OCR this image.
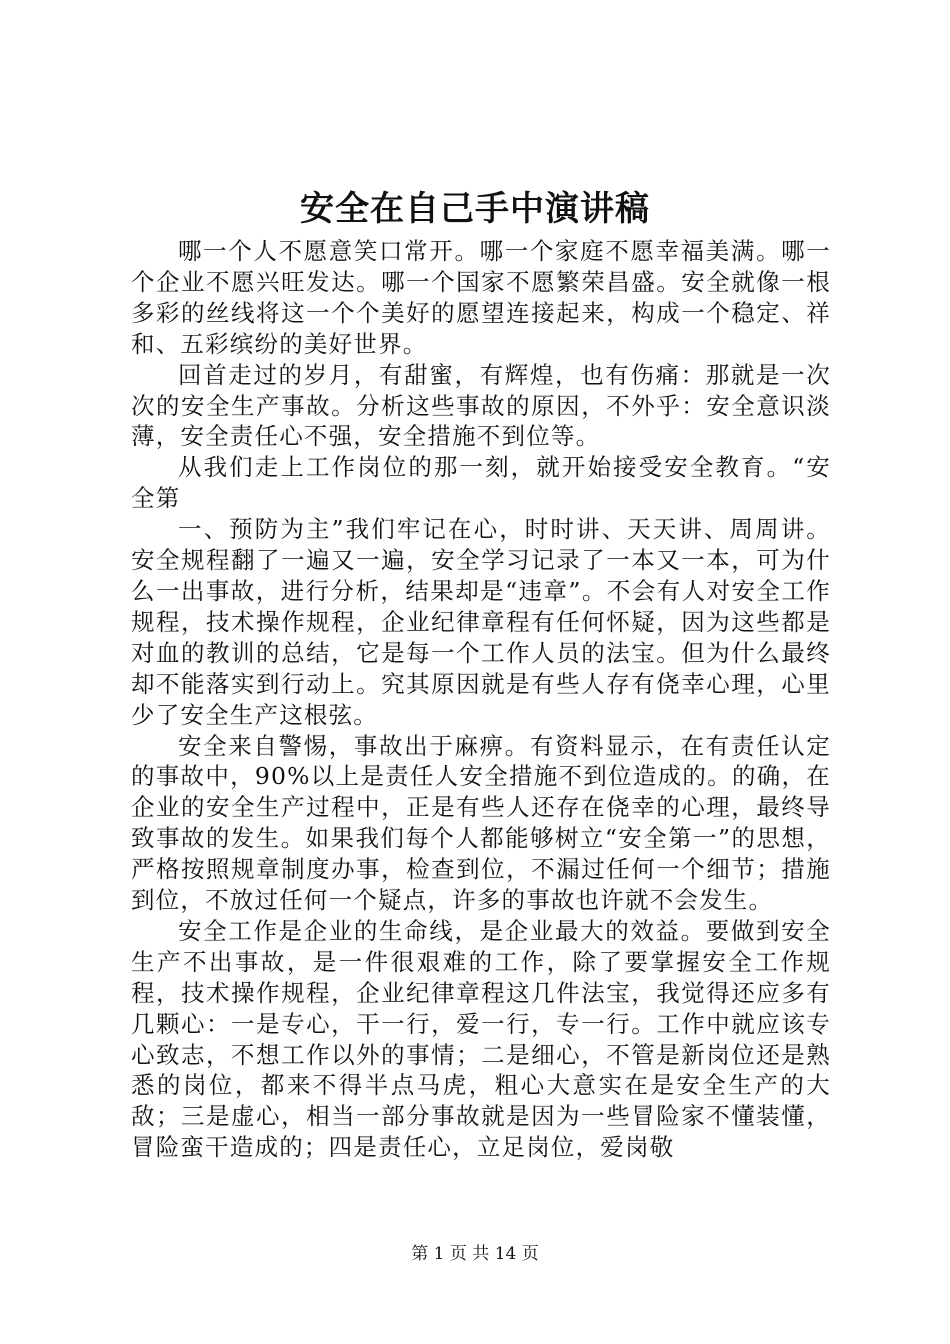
安全在自己手中演讲稿

哪一个人不愿意笑口常开。哪一个家庭不愿幸福美满。哪一个企业不愿兴旺发达。哪一个国家不愿繁荣昌盛。安全就像一根多彩的丝线将这一个个美好的愿望连接起来，构成一个稳定、祥和、五彩缤纷的美好世界。

回首走过的岁月，有甜蜜，有辉煌，也有伤痛：那就是一次次的安全生产事故。分析这些事故的原因，不外乎：安全意识淡薄，安全责任心不强，安全措施不到位等。

从我们走上工作岗位的那一刻，就开始接受安全教育。“安全第

一、预防为主”我们牢记在心，时时讲、天天讲、周周讲。安全规程翻了一遍又一遍，安全学习记录了一本又一本，可为什么一出事故，进行分析，结果却是“违章”。不会有人对安全工作规程，技术操作规程，企业纪律章程有任何怀疑，因为这些都是对血的教训的总结，它是每一个工作人员的法宝。但为什么最终却不能落实到行动上。究其原因就是有些人存有侥幸心理，心里少了安全生产这根弦。

安全来自警惕，事故出于麻痹。有资料显示，在有责任认定的事故中，90%以上是责任人安全措施不到位造成的。的确，在企业的安全生产过程中，正是有些人还存在侥幸的心理，最终导致事故的发生。如果我们每个人都能够树立“安全第一”的思想，严格按照规章制度办事，检查到位，不漏过任何一个细节；措施到位，不放过任何一个疑点，许多的事故也许就不会发生。

安全工作是企业的生命线，是企业最大的效益。要做到安全生产不出事故，是一件很艰难的工作，除了要掌握安全工作规程，技术操作规程，企业纪律章程这几件法宝，我觉得还应多有几颗心：一是专心，干一行，爱一行，专一行。工作中就应该专心致志，不想工作以外的事情；二是细心，不管是新岗位还是熟悉的岗位，都来不得半点马虎，粗心大意实在是安全生产的大敌；三是虚心，相当一部分事故就是因为一些冒险家不懂装懂，冒险蛮干造成的；四是责任心，立足岗位，爱岗敬

第 1 页 共 14 页
